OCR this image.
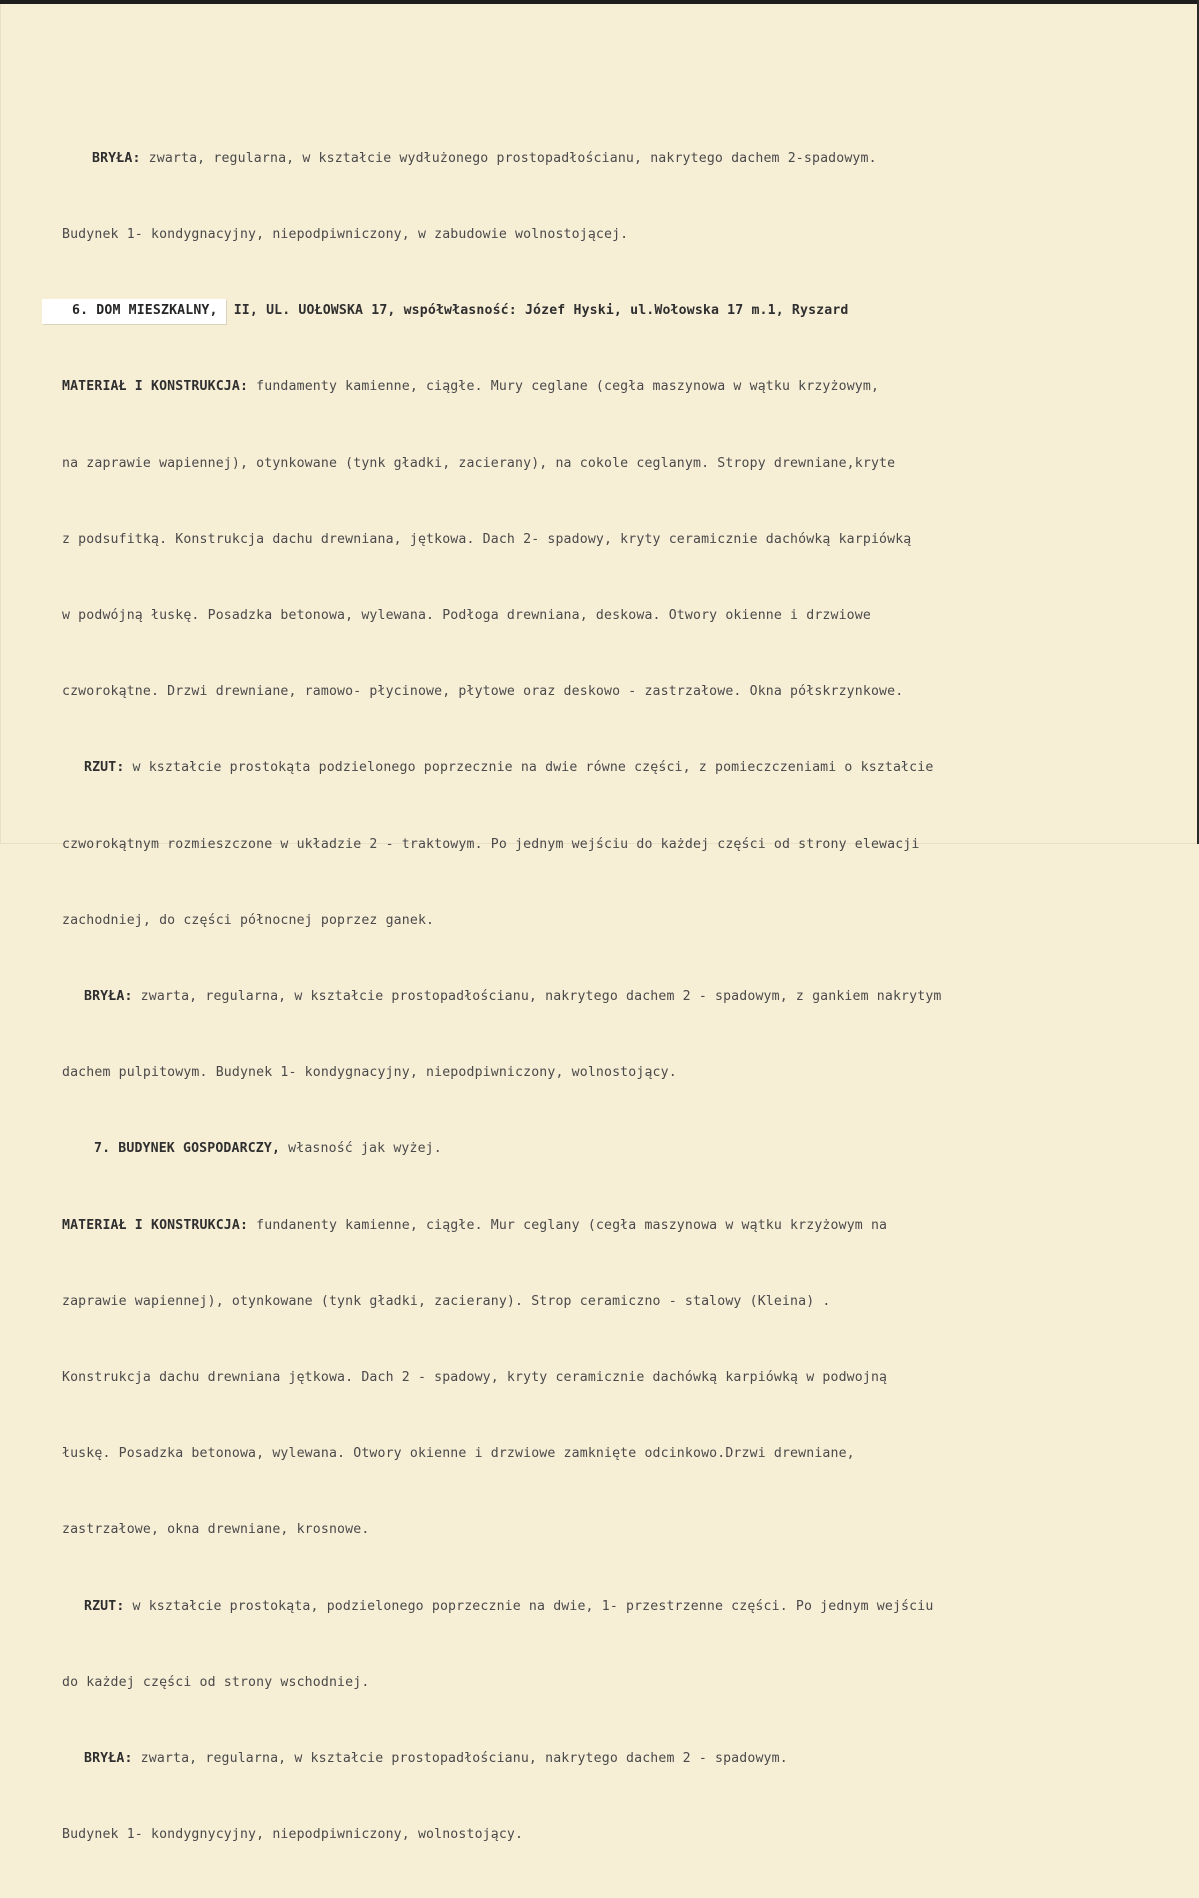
BRYŁA: zwarta, regularna, w kształcie wydłużonego prostopadłościanu, nakrytego dachem 2-spadowym.

Budynek 1- kondygnacyjny, niepodpiwniczony, w zabudowie wolnostojącej.

6. DOM MIESZKALNY, II, UL. UOŁOWSKA 17, współwłasność: Józef Hyski, ul.Wołowska 17 m.1, Ryszard

MATERIAŁ I KONSTRUKCJA: fundamenty kamienne, ciągłe. Mury ceglane (cegła maszynowa w wątku krzyżowym,

na zaprawie wapiennej), otynkowane (tynk gładki, zacierany), na cokole ceglanym. Stropy drewniane,kryte

z podsufitką. Konstrukcja dachu drewniana, jętkowa. Dach 2- spadowy, kryty ceramicznie dachówką karpiówką

w podwójną łuskę. Posadzka betonowa, wylewana. Podłoga drewniana, deskowa. Otwory okienne i drzwiowe

czworokątne. Drzwi drewniane, ramowo- płycinowe, płytowe oraz deskowo - zastrzałowe. Okna półskrzynkowe.

RZUT: w kształcie prostokąta podzielonego poprzecznie na dwie równe części, z pomieczczeniami o kształcie

czworokątnym rozmieszczone w układzie 2 - traktowym. Po jednym wejściu do każdej części od strony elewacji

zachodniej, do części północnej poprzez ganek.

BRYŁA: zwarta, regularna, w kształcie prostopadłościanu, nakrytego dachem 2 - spadowym, z gankiem nakrytym

dachem pulpitowym. Budynek 1- kondygnacyjny, niepodpiwniczony, wolnostojący.

7. BUDYNEK GOSPODARCZY, własność jak wyżej.

MATERIAŁ I KONSTRUKCJA: fundanenty kamienne, ciągłe. Mur ceglany (cegła maszynowa w wątku krzyżowym na

zaprawie wapiennej), otynkowane (tynk gładki, zacierany). Strop ceramiczno - stalowy (Kleina) .

Konstrukcja dachu drewniana jętkowa. Dach 2 - spadowy, kryty ceramicznie dachówką karpiówką w podwojną

łuskę. Posadzka betonowa, wylewana. Otwory okienne i drzwiowe zamknięte odcinkowo.Drzwi drewniane,

zastrzałowe, okna drewniane, krosnowe.

RZUT: w kształcie prostokąta, podzielonego poprzecznie na dwie, 1- przestrzenne części. Po jednym wejściu

do każdej części od strony wschodniej.

BRYŁA: zwarta, regularna, w kształcie prostopadłościanu, nakrytego dachem 2 - spadowym.

Budynek 1- kondygnycyjny, niepodpiwniczony, wolnostojący.
